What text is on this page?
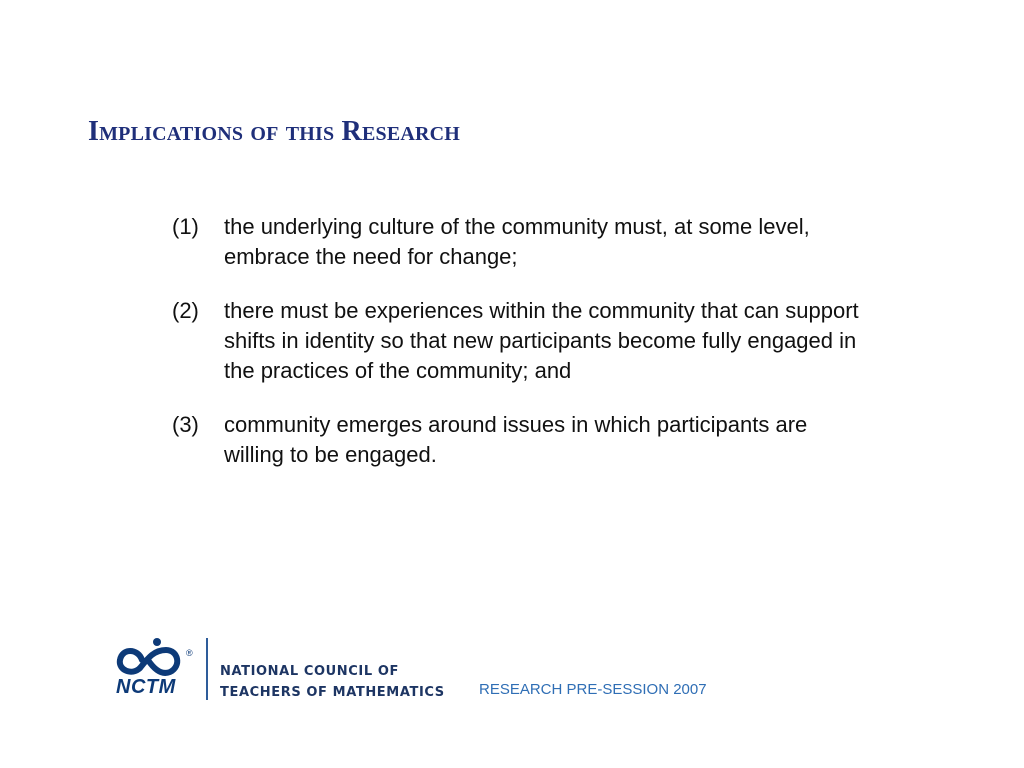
Implications of this Research
(1)	the underlying culture of the community must, at some level, embrace the need for change;
(2)	there must be experiences within the community that can support shifts in identity so that new participants become fully engaged in the practices of the community; and
(3)	community emerges around issues in which participants are willing to be engaged.
®
NCTM
NATIONAL COUNCIL OF
TEACHERS OF MATHEMATICS RESEARCH PRE-SESSION 2007
